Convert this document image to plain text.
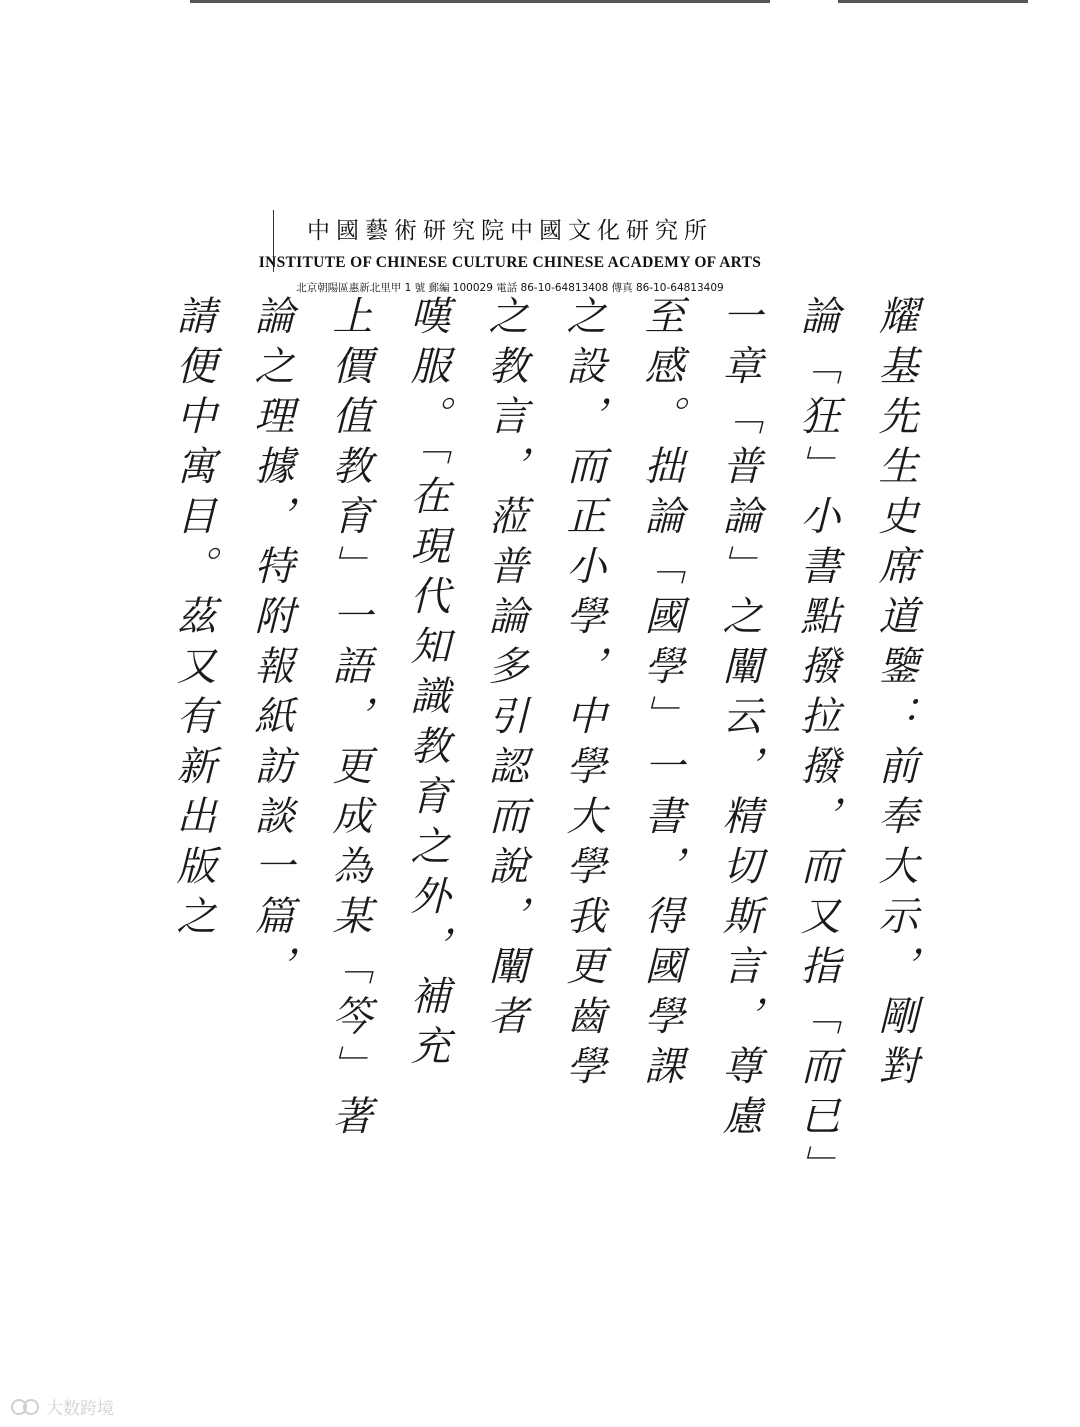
中國藝術研究院中國文化研究所
INSTITUTE OF CHINESE CULTURE CHINESE ACADEMY OF ARTS
北京朝陽區惠新北里甲 1 號 郵編 100029 電話 86-10-64813408 傳真 86-10-64813409
耀基先生史席道鑒：前奉大示，剛對
論「狂」小書點撥拉撥，而又指「而已」
一章「普論」之闡云，精切斯言，尊慮
至感。拙論「國學」一書，得國學課
之設，而正小學，中學大學我更齒學
之教言，蒞普論多引認而說，闡者
嘆服。「在現代知識教育之外，補充
上價值教育」一語，更成為某「笒」著
論之理據，特附報紙訪談一篇，
請便中寓目。茲又有新出版之
大数跨境
